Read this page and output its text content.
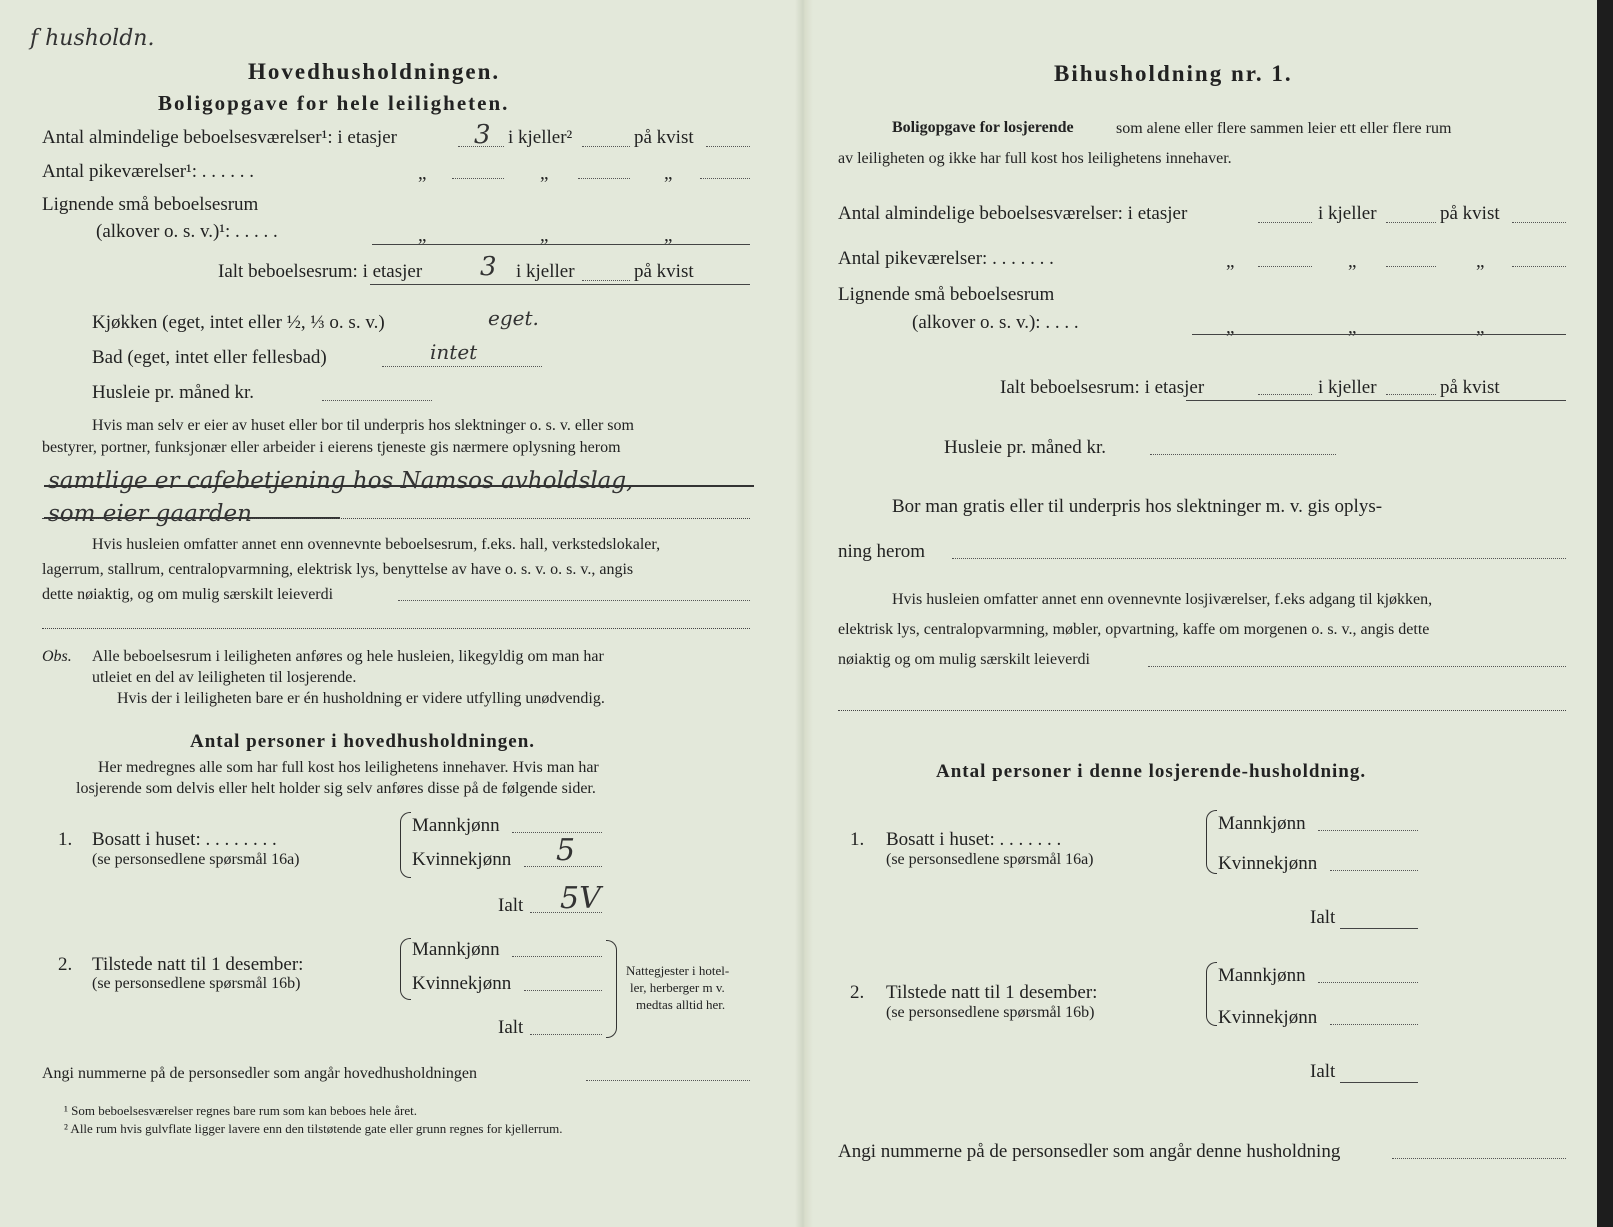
f husholdn.
Hovedhusholdningen.
Boligopgave for hele leiligheten.
Antal almindelige beboelsesværelser¹: i etasjer	3 i kjeller²	på kvist
Antal pikeværelser¹: . . . . . .	„	„	„
Lignende små beboelsesrum
(alkover o. s. v.)¹: . . . . .	„	„	„
Ialt beboelsesrum: i etasjer 3 i kjeller	på kvist
Kjøkken (eget, intet eller ½, ⅓ o. s. v.)	eget.
Bad (eget, intet eller fellesbad)	intet
Husleie pr. måned kr.
Hvis man selv er eier av huset eller bor til underpris hos slektninger o. s. v. eller som
bestyrer, portner, funksjonær eller arbeider i eierens tjeneste gis nærmere oplysning herom
samtlige er cafebetjening hos Namsos avholdslag,
som eier gaarden
Hvis husleien omfatter annet enn ovennevnte beboelsesrum, f.eks. hall, verkstedslokaler,
lagerrum, stallrum, centralopvarmning, elektrisk lys, benyttelse av have o. s. v. o. s. v., angis
dette nøiaktig, og om mulig særskilt leieverdi
Obs. Alle beboelsesrum i leiligheten anføres og hele husleien, likegyldig om man har
utleiet en del av leiligheten til losjerende.
Hvis der i leiligheten bare er én husholdning er videre utfylling unødvendig.
Antal personer i hovedhusholdningen.
Her medregnes alle som har full kost hos leilighetens innehaver. Hvis man har
losjerende som delvis eller helt holder sig selv anføres disse på de følgende sider.
1. Bosatt i huset: . . . . . . . .
(se personsedlene spørsmål 16a)
Mannkjønn
Kvinnekjønn 5
Ialt 5V
2. Tilstede natt til 1 desember:
(se personsedlene spørsmål 16b)
Mannkjønn
Kvinnekjønn
Ialt
Nattegjester i hotel-
ler, herberger m v.
medtas alltid her.
Angi nummerne på de personsedler som angår hovedhusholdningen
¹ Som beboelsesværelser regnes bare rum som kan beboes hele året.
² Alle rum hvis gulvflate ligger lavere enn den tilstøtende gate eller grunn regnes for kjellerrum.
Bihusholdning nr. 1.
Boligopgave for losjerende	som alene eller flere sammen leier ett eller flere rum
av leiligheten og ikke har full kost hos leilighetens innehaver.
Antal almindelige beboelsesværelser: i etasjer	i kjeller	på kvist
Antal pikeværelser: . . . . . . .	„	„	„
Lignende små beboelsesrum
(alkover o. s. v.): . . . .	„	„	„
Ialt beboelsesrum: i etasjer	i kjeller	på kvist
Husleie pr. måned kr.
Bor man gratis eller til underpris hos slektninger m. v. gis oplys-
ning herom
Hvis husleien omfatter annet enn ovennevnte losjiværelser, f.eks adgang til kjøkken,
elektrisk lys, centralopvarmning, møbler, opvartning, kaffe om morgenen o. s. v., angis dette
nøiaktig og om mulig særskilt leieverdi
Antal personer i denne losjerende-husholdning.
1. Bosatt i huset: . . . . . . .
(se personsedlene spørsmål 16a)
Mannkjønn
Kvinnekjønn
Ialt
2. Tilstede natt til 1 desember:
(se personsedlene spørsmål 16b)
Mannkjønn
Kvinnekjønn
Ialt
Angi nummerne på de personsedler som angår denne husholdning
